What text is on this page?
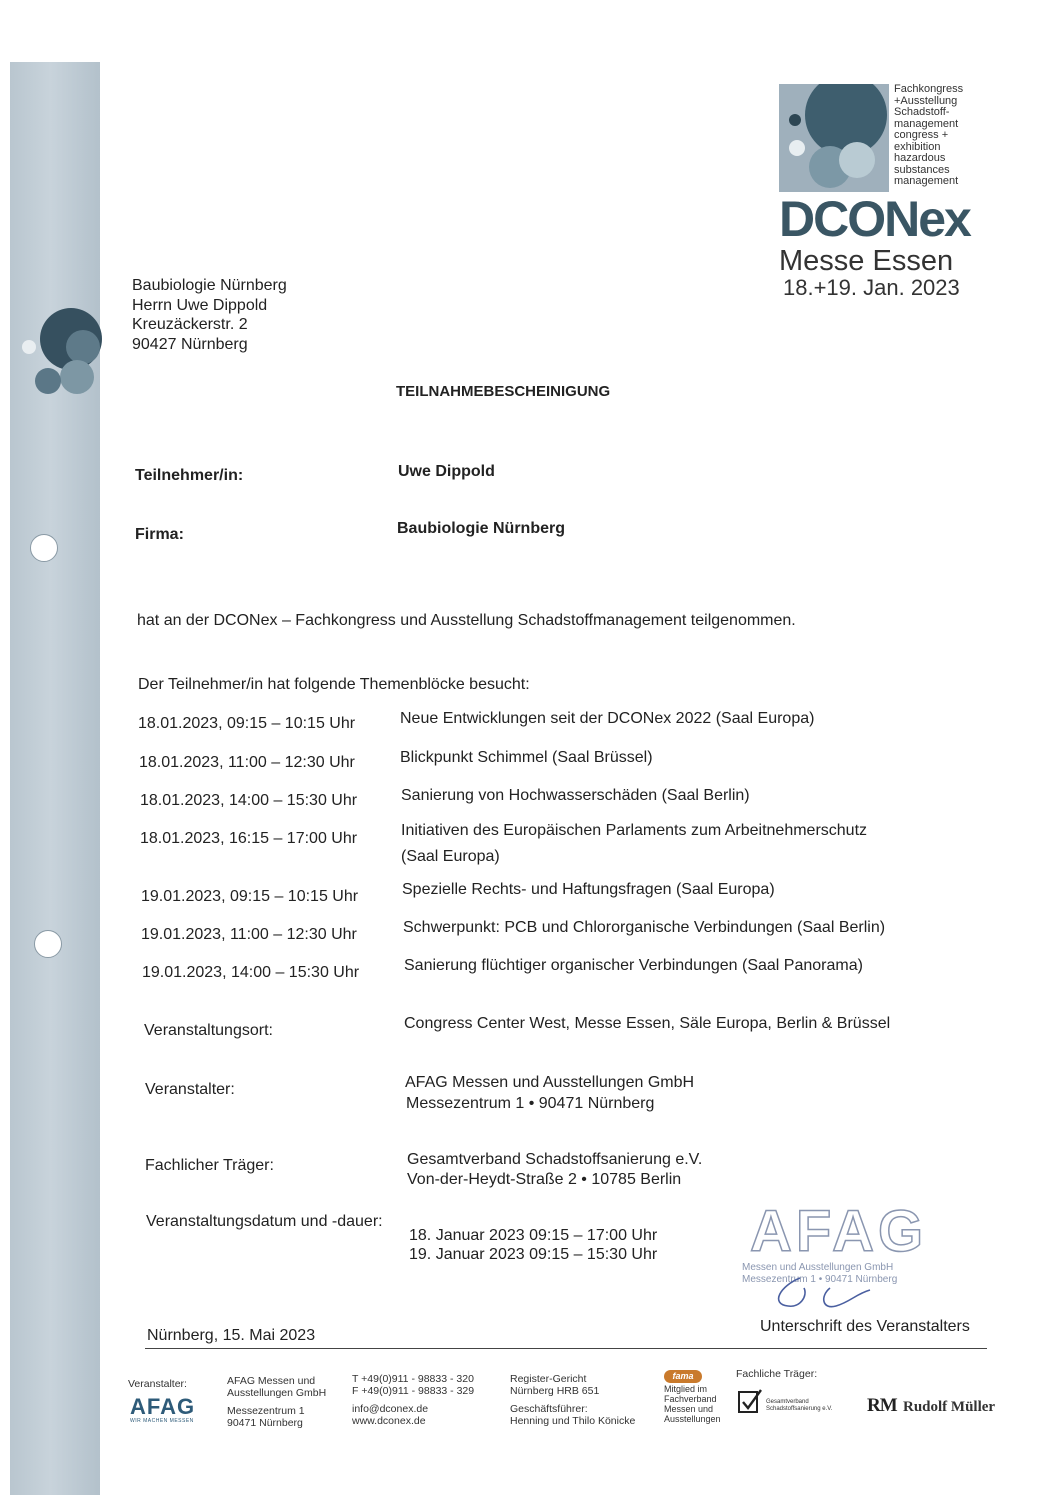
Fachkongress
+Ausstellung
Schadstoff-
management
congress +
exhibition
hazardous
substances
management
DCONex
Messe Essen
18.+19. Jan. 2023
Baubiologie Nürnberg
Herrn Uwe Dippold
Kreuzäckerstr. 2
90427 Nürnberg
TEILNAHMEBESCHEINIGUNG
Teilnehmer/in:	Uwe Dippold
Firma:	Baubiologie Nürnberg
hat an der DCONex – Fachkongress und Ausstellung Schadstoffmanagement teilgenommen.
Der Teilnehmer/in hat folgende Themenblöcke besucht:
18.01.2023, 09:15 – 10:15 Uhr	Neue Entwicklungen seit der DCONex 2022 (Saal Europa)
18.01.2023, 11:00 – 12:30 Uhr	Blickpunkt Schimmel (Saal Brüssel)
18.01.2023, 14:00 – 15:30 Uhr	Sanierung von Hochwasserschäden (Saal Berlin)
18.01.2023, 16:15 – 17:00 Uhr	Initiativen des Europäischen Parlaments zum Arbeitnehmerschutz
(Saal Europa)
19.01.2023, 09:15 – 10:15 Uhr	Spezielle Rechts- und Haftungsfragen (Saal Europa)
19.01.2023, 11:00 – 12:30 Uhr	Schwerpunkt: PCB und Chlororganische Verbindungen (Saal Berlin)
19.01.2023, 14:00 – 15:30 Uhr	Sanierung flüchtiger organischer Verbindungen (Saal Panorama)
Veranstaltungsort:	Congress Center West, Messe Essen, Säle Europa, Berlin & Brüssel
Veranstalter:	AFAG Messen und Ausstellungen GmbH
Messezentrum 1 • 90471 Nürnberg
Fachlicher Träger:	Gesamtverband Schadstoffsanierung e.V.
Von-der-Heydt-Straße 2 • 10785 Berlin
Veranstaltungsdatum und -dauer:
18. Januar 2023 09:15 – 17:00 Uhr
19. Januar 2023 09:15 – 15:30 Uhr AFAG
Messen und Ausstellungen GmbH
Messezentrum 1 • 90471 Nürnberg
Nürnberg, 15. Mai 2023
Unterschrift des Veranstalters
Veranstalter:
AFAG
WIR MACHEN MESSEN
AFAG Messen und
Ausstellungen GmbH
Messezentrum 1
90471 Nürnberg
T +49(0)911 - 98833 - 320
F +49(0)911 - 98833 - 329
info@dconex.de
www.dconex.de
Register-Gericht
Nürnberg HRB 651
Geschäftsführer:
Henning und Thilo Könicke
fama
Mitglied im
Fachverband
Messen und
Ausstellungen
Fachliche Träger:
Gesamtverband
Schadstoffsanierung e.V. RM Rudolf Müller
